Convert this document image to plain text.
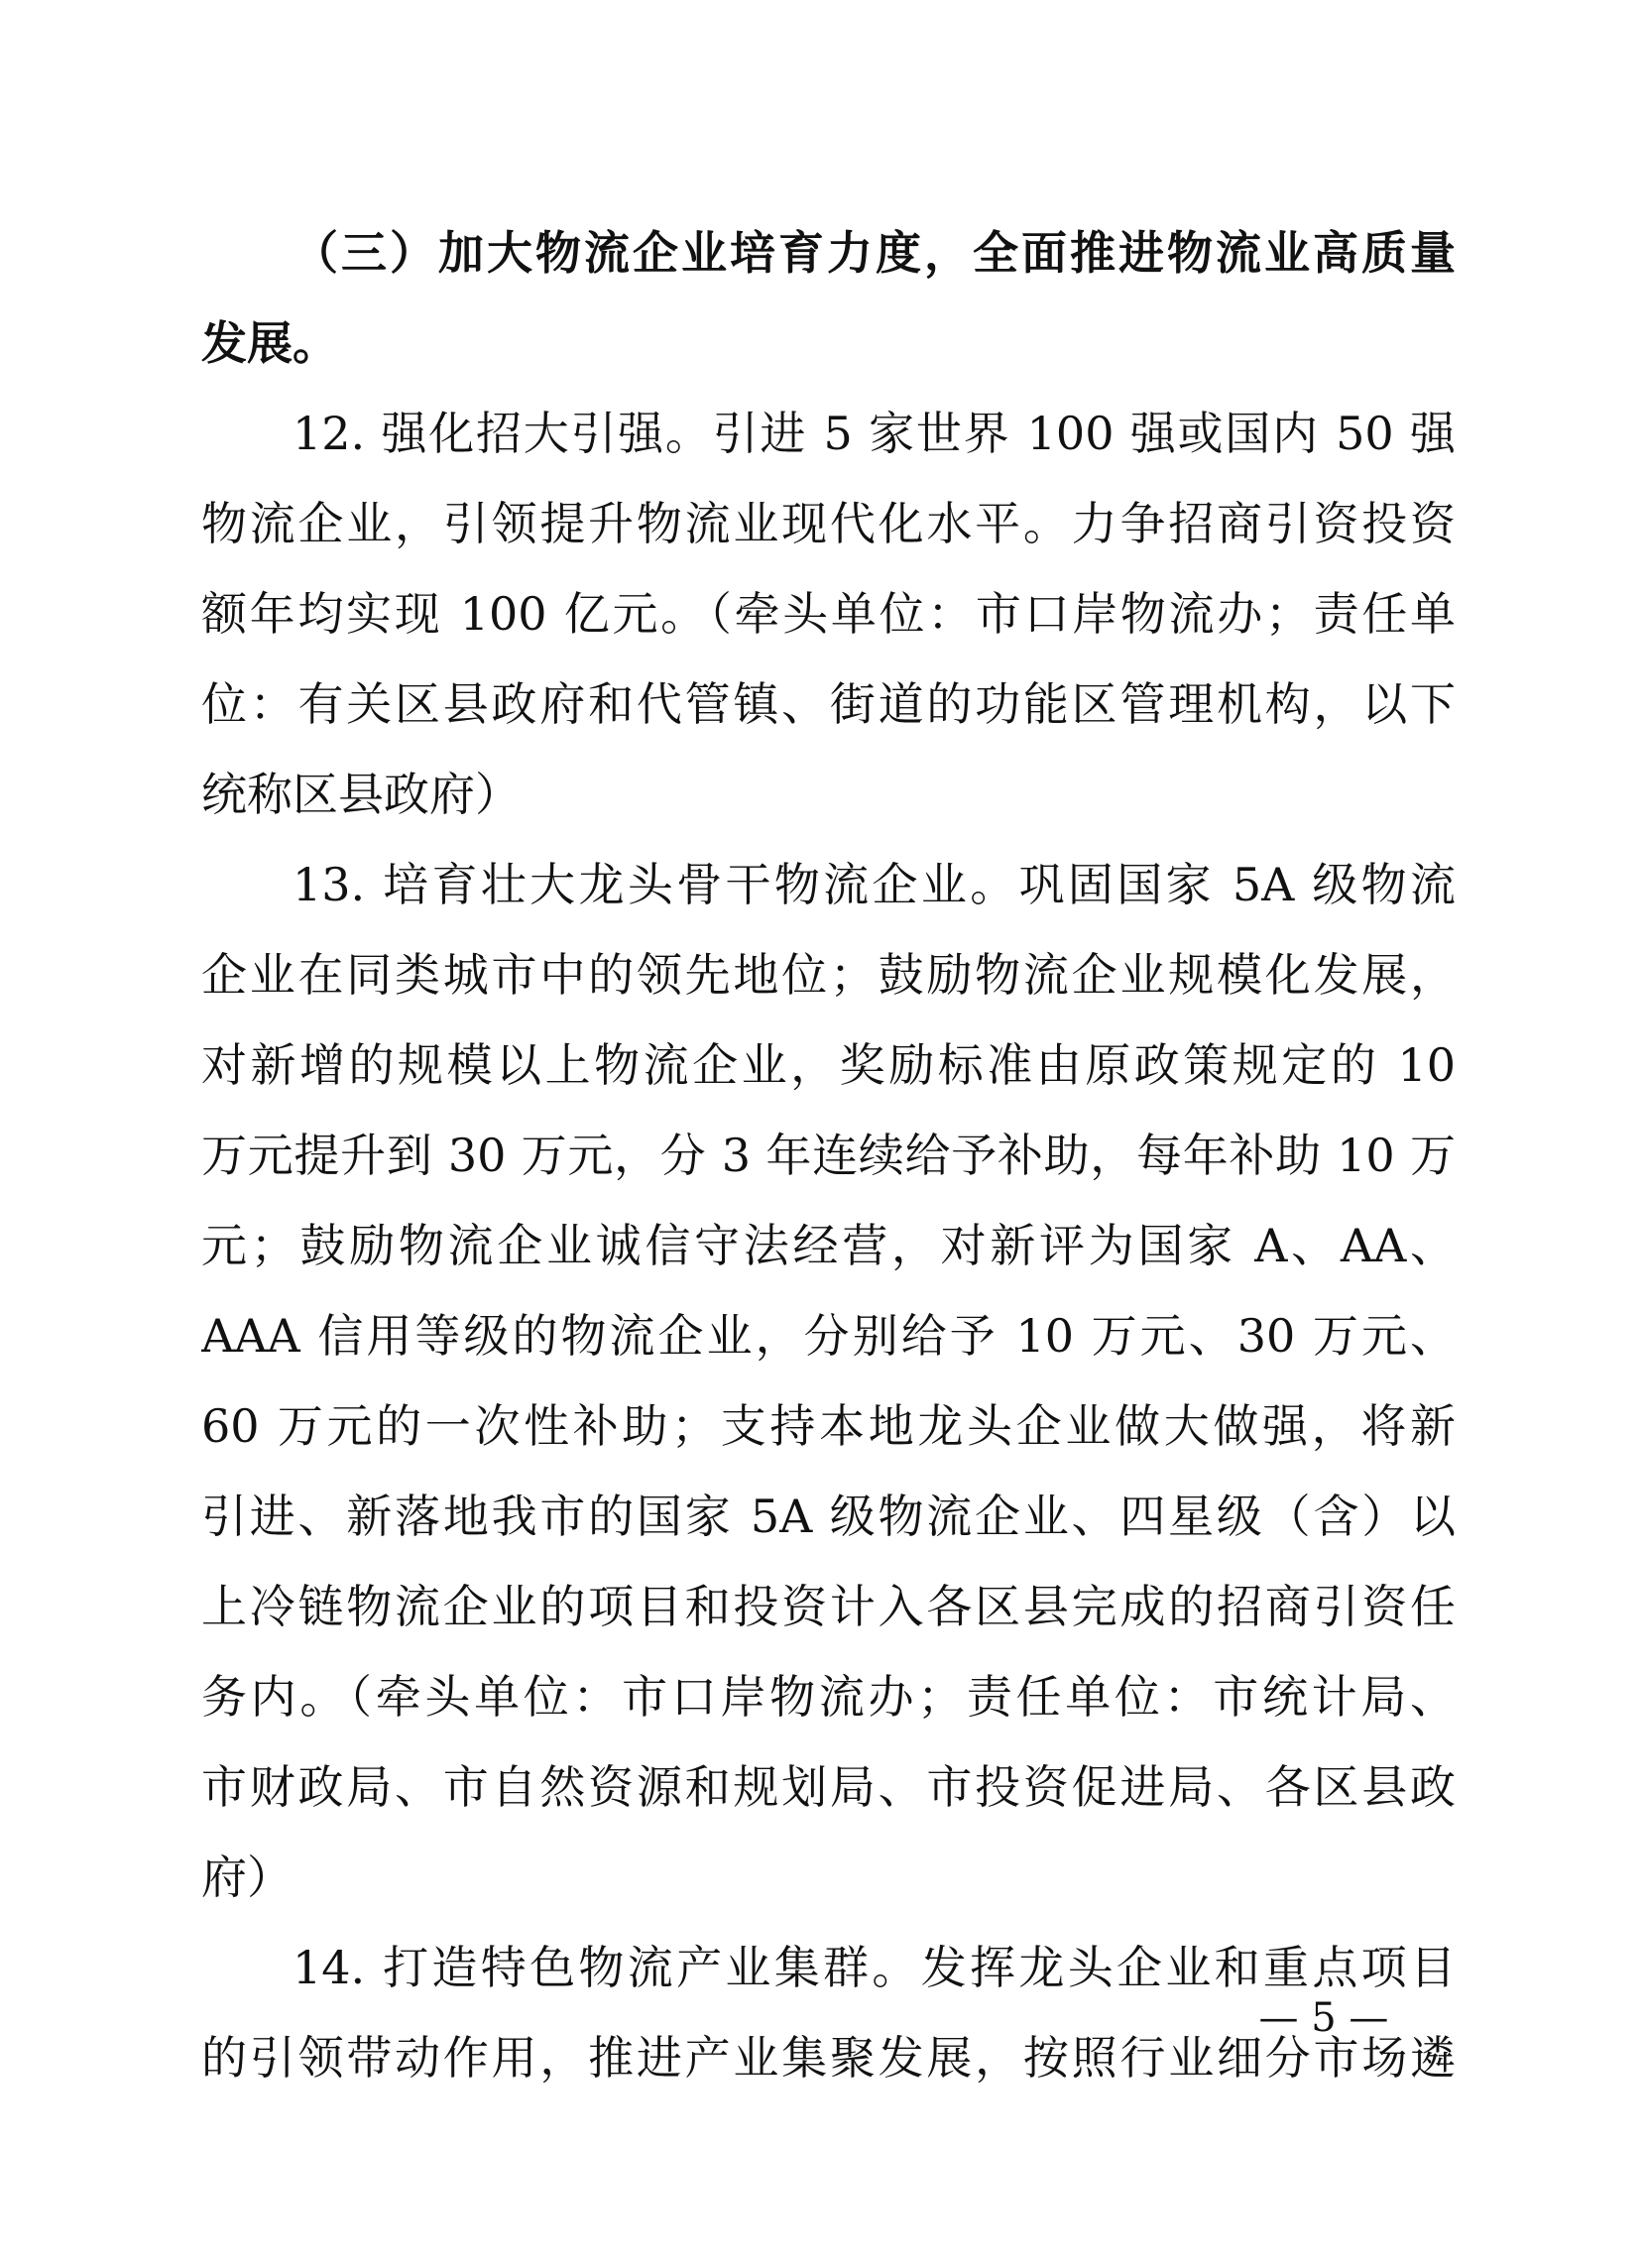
（三）加大物流企业培育力度，全面推进物流业高质量
发展。
12. 强化招大引强。引进 5 家世界 100 强或国内 50 强
物流企业，引领提升物流业现代化水平。力争招商引资投资
额年均实现 100 亿元。（牵头单位：市口岸物流办；责任单
位：有关区县政府和代管镇、街道的功能区管理机构，以下
统称区县政府）
13. 培育壮大龙头骨干物流企业。巩固国家 5A 级物流
企业在同类城市中的领先地位；鼓励物流企业规模化发展，
对新增的规模以上物流企业，奖励标准由原政策规定的 10
万元提升到 30 万元，分 3 年连续给予补助，每年补助 10 万
元；鼓励物流企业诚信守法经营，对新评为国家 A、AA、
AAA 信用等级的物流企业，分别给予 10 万元、30 万元、
60 万元的一次性补助；支持本地龙头企业做大做强，将新
引进、新落地我市的国家 5A 级物流企业、四星级（含）以
上冷链物流企业的项目和投资计入各区县完成的招商引资任
务内。（牵头单位：市口岸物流办；责任单位：市统计局、
市财政局、市自然资源和规划局、市投资促进局、各区县政
府）
14. 打造特色物流产业集群。发挥龙头企业和重点项目
的引领带动作用，推进产业集聚发展，按照行业细分市场遴
— 5 —
